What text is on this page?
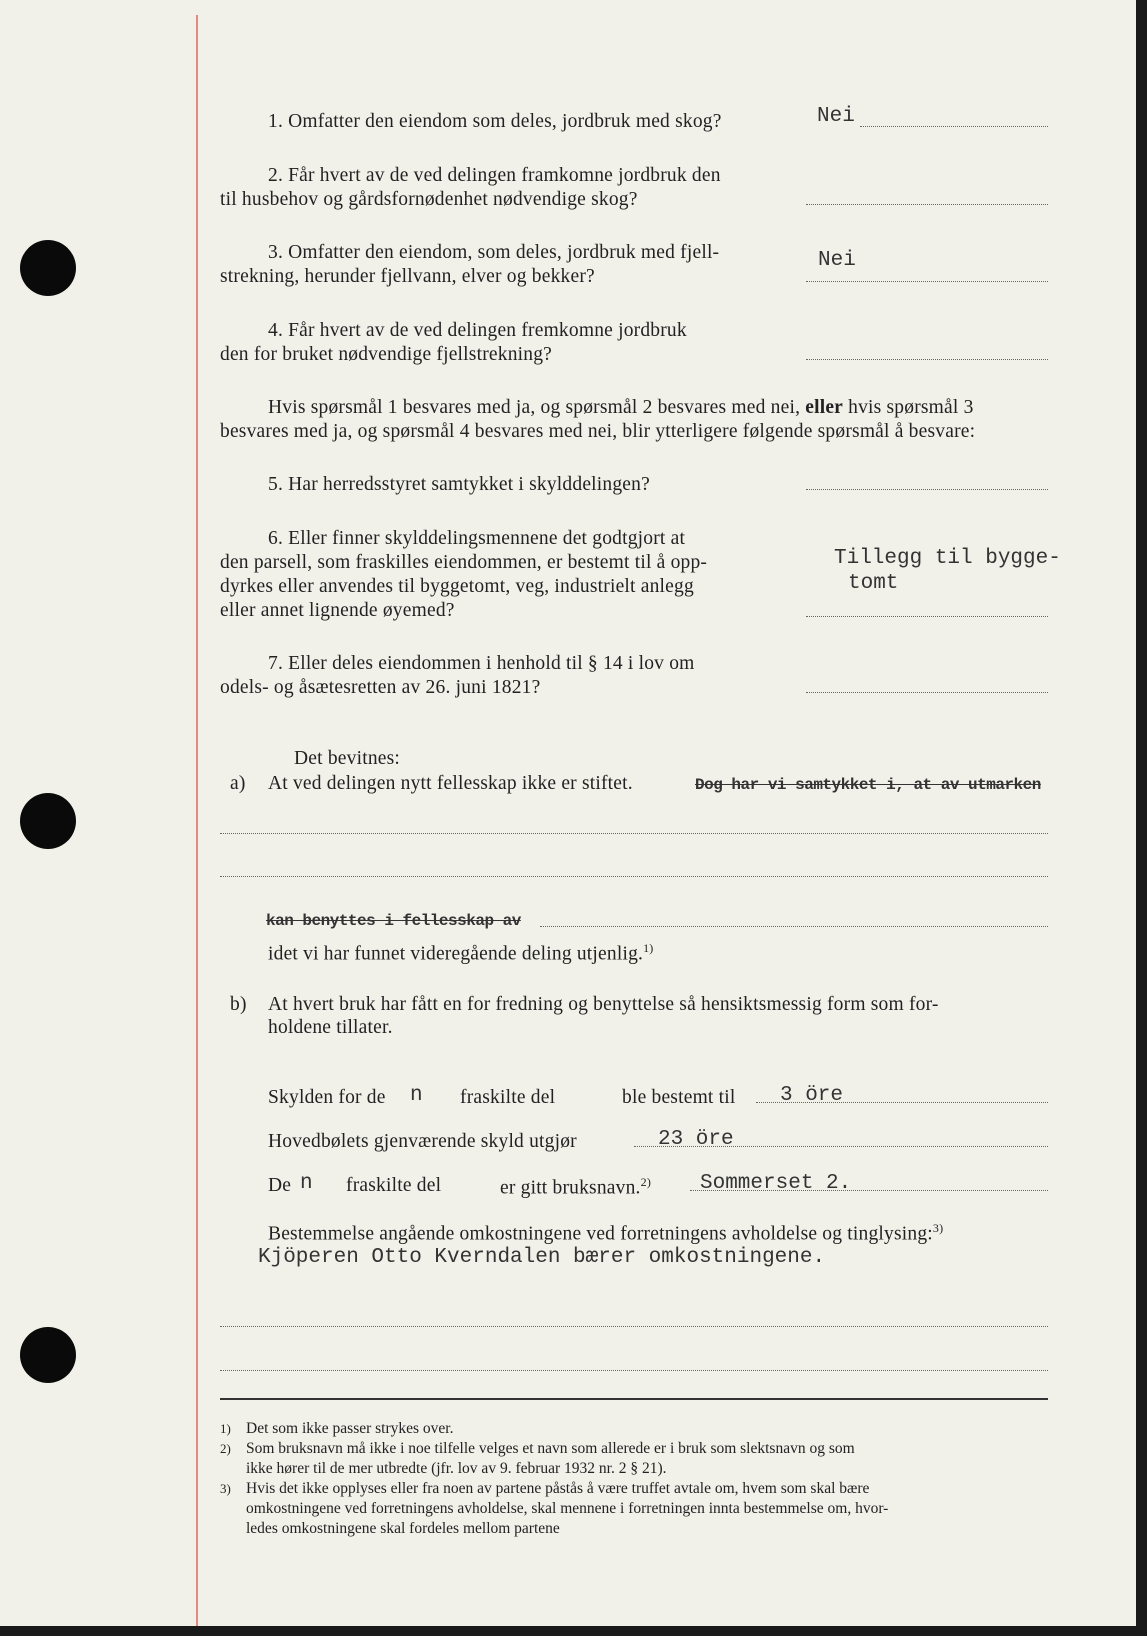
1. Omfatter den eiendom som deles, jordbruk med skog?	Nei
2. Får hvert av de ved delingen framkomne jordbruk den
til husbehov og gårdsfornødenhet nødvendige skog?
3. Omfatter den eiendom, som deles, jordbruk med fjell-
strekning, herunder fjellvann, elver og bekker?
Nei
4. Får hvert av de ved delingen fremkomne jordbruk
den for bruket nødvendige fjellstrekning?
Hvis spørsmål 1 besvares med ja, og spørsmål 2 besvares med nei, eller hvis spørsmål 3
besvares med ja, og spørsmål 4 besvares med nei, blir ytterligere følgende spørsmål å besvare:
5. Har herredsstyret samtykket i skylddelingen?
6. Eller finner skylddelingsmennene det godtgjort at
den parsell, som fraskilles eiendommen, er bestemt til å opp-
dyrkes eller anvendes til byggetomt, veg, industrielt anlegg
eller annet lignende øyemed?
Tillegg til bygge-
tomt
7. Eller deles eiendommen i henhold til § 14 i lov om
odels- og åsætesretten av 26. juni 1821?
Det bevitnes:
a) At ved delingen nytt fellesskap ikke er stiftet.	Dog har vi samtykket i, at av utmarken
kan benyttes i fellesskap av
idet vi har funnet videregående deling utjenlig.$^{1)}$
b) At hvert bruk har fått en for fredning og benyttelse så hensiktsmessig form som for-
holdene tillater.
Skylden for de n fraskilte del	ble bestemt til 3 öre
Hovedbølets gjenværende skyld utgjør	23 öre
De n fraskilte del	er gitt bruksnavn.$^{2)}$ Sommerset 2.
Bestemmelse angående omkostningene ved forretningens avholdelse og tinglysing:$^{3)}$
Kjöperen Otto Kverndalen bærer omkostningene.
1) Det som ikke passer strykes over.
2) Som bruksnavn må ikke i noe tilfelle velges et navn som allerede er i bruk som slektsnavn og som
ikke hører til de mer utbredte (jfr. lov av 9. februar 1932 nr. 2 § 21).
3) Hvis det ikke opplyses eller fra noen av partene påstås å være truffet avtale om, hvem som skal bære
omkostningene ved forretningens avholdelse, skal mennene i forretningen innta bestemmelse om, hvor-
ledes omkostningene skal fordeles mellom partene
